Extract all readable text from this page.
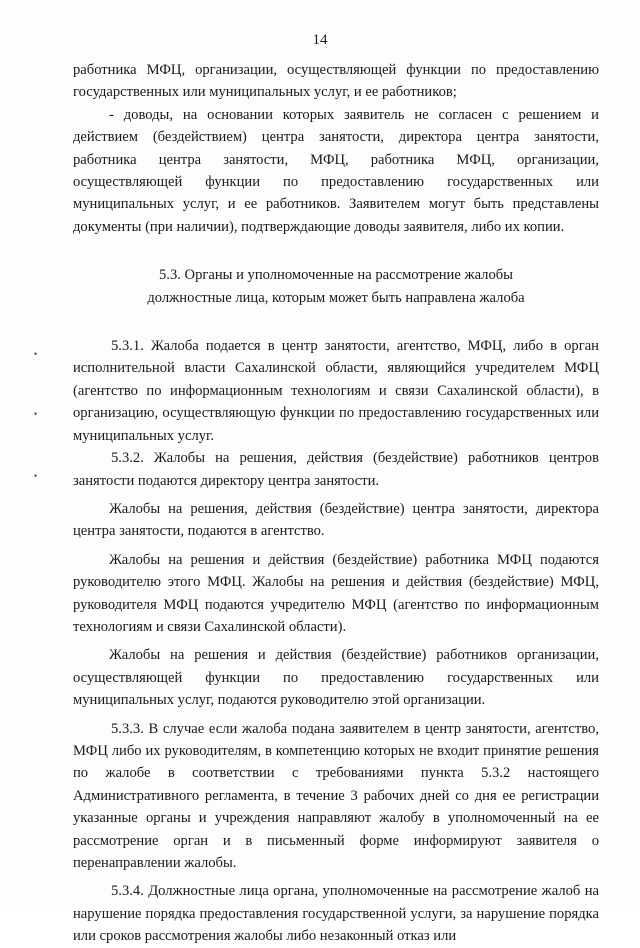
14

работника МФЦ, организации, осуществляющей функции по предоставлению государственных или муниципальных услуг, и ее работников;

- доводы, на основании которых заявитель не согласен с решением и действием (бездействием) центра занятости, директора центра занятости, работника центра занятости, МФЦ, работника МФЦ, организации, осуществляющей функции по предоставлению государственных или муниципальных услуг, и ее работников. Заявителем могут быть представлены документы (при наличии), подтверждающие доводы заявителя, либо их копии.

5.3. Органы и уполномоченные на рассмотрение жалобы
должностные лица, которым может быть направлена жалоба

5.3.1. Жалоба подается в центр занятости, агентство, МФЦ, либо в орган исполнительной власти Сахалинской области, являющийся учредителем МФЦ (агентство по информационным технологиям и связи Сахалинской области), в организацию, осуществляющую функции по предоставлению государственных или муниципальных услуг.

5.3.2. Жалобы на решения, действия (бездействие) работников центров занятости подаются директору центра занятости.

Жалобы на решения, действия (бездействие) центра занятости, директора центра занятости, подаются в агентство.

Жалобы на решения и действия (бездействие) работника МФЦ подаются руководителю этого МФЦ. Жалобы на решения и действия (бездействие) МФЦ, руководителя МФЦ подаются учредителю МФЦ (агентство по информационным технологиям и связи Сахалинской области).

Жалобы на решения и действия (бездействие) работников организации, осуществляющей функции по предоставлению государственных или муниципальных услуг, подаются руководителю этой организации.

5.3.3. В случае если жалоба подана заявителем в центр занятости, агентство, МФЦ либо их руководителям, в компетенцию которых не входит принятие решения по жалобе в соответствии с требованиями пункта 5.3.2 настоящего Административного регламента, в течение 3 рабочих дней со дня ее регистрации указанные органы и учреждения направляют жалобу в уполномоченный на ее рассмотрение орган и в письменный форме информируют заявителя о перенаправлении жалобы.

5.3.4. Должностные лица органа, уполномоченные на рассмотрение жалоб на нарушение порядка предоставления государственной услуги, за нарушение порядка или сроков рассмотрения жалобы либо незаконный отказ или

•
•
•
